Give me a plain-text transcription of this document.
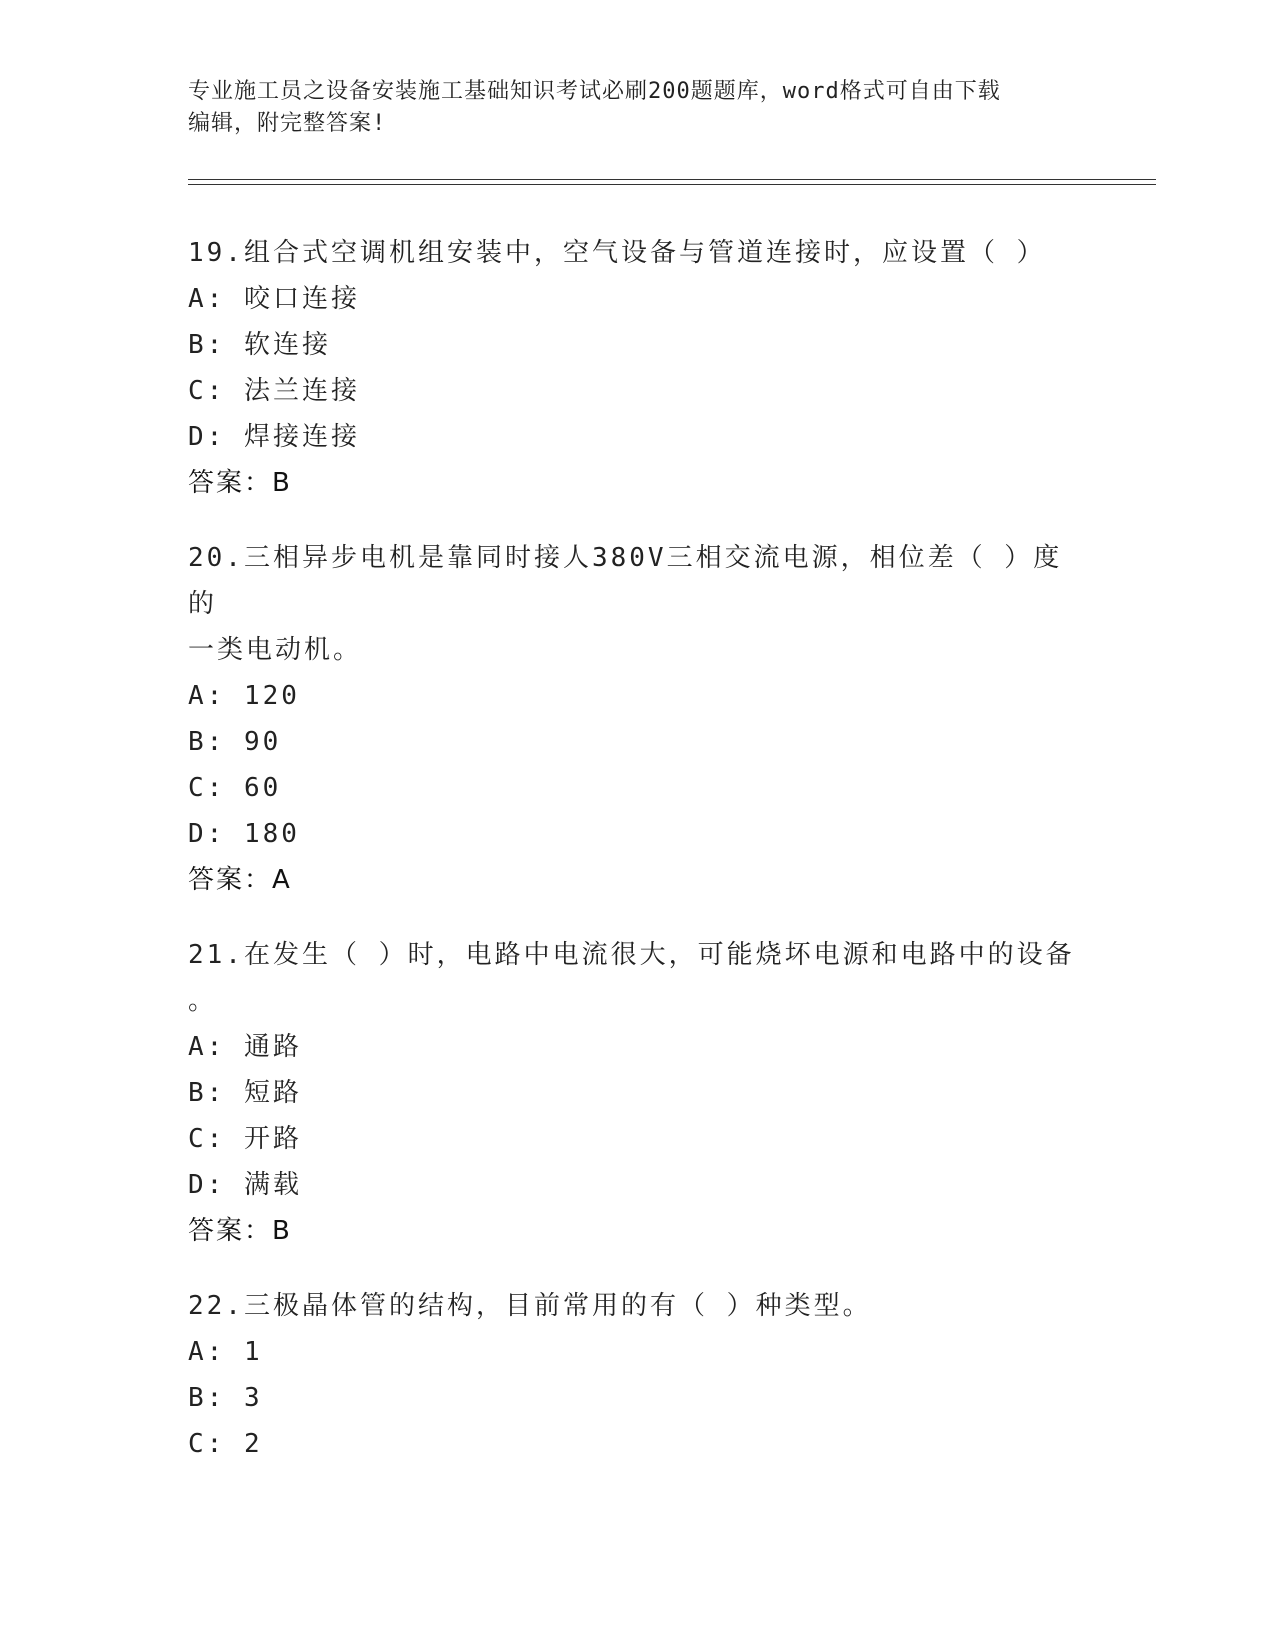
专业施工员之设备安装施工基础知识考试必刷200题题库，word格式可自由下载
编辑，附完整答案!
19.组合式空调机组安装中，空气设备与管道连接时，应设置（ ）
A: 咬口连接
B: 软连接
C: 法兰连接
D: 焊接连接
答案：B
20.三相异步电机是靠同时接人380V三相交流电源，相位差（ ）度的
一类电动机。
A: 120
B: 90
C: 60
D: 180
答案：A
21.在发生（ ）时，电路中电流很大，可能烧坏电源和电路中的设备
。
A: 通路
B: 短路
C: 开路
D: 满载
答案：B
22.三极晶体管的结构，目前常用的有（ ）种类型。
A: 1
B: 3
C: 2
